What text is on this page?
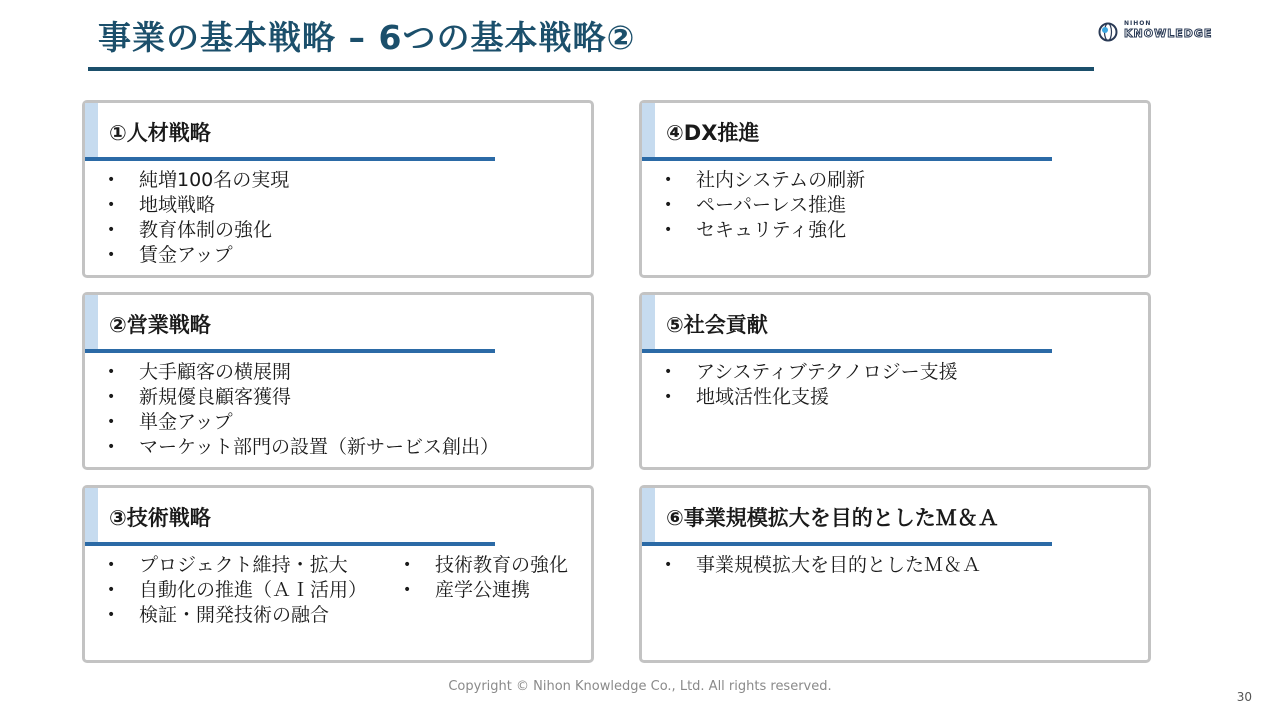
事業の基本戦略 – 6つの基本戦略②	NIHON
KNOWLEDGE
①人材戦略
• 純増100名の実現
• 地域戦略
• 教育体制の強化
• 賃金アップ
④DX推進
• 社内システムの刷新
• ペーパーレス推進
• セキュリティ強化
②営業戦略
• 大手顧客の横展開
• 新規優良顧客獲得
• 単金アップ
• マーケット部門の設置（新サービス創出）
⑤社会貢献
• アシスティブテクノロジー支援
• 地域活性化支援
③技術戦略
• プロジェクト維持・拡大
• 自動化の推進（ＡＩ活用）
• 検証・開発技術の融合
• 技術教育の強化
• 産学公連携
⑥事業規模拡大を目的としたＭ＆Ａ
• 事業規模拡大を目的としたＭ＆Ａ
Copyright © Nihon Knowledge Co., Ltd. All rights reserved.
30
